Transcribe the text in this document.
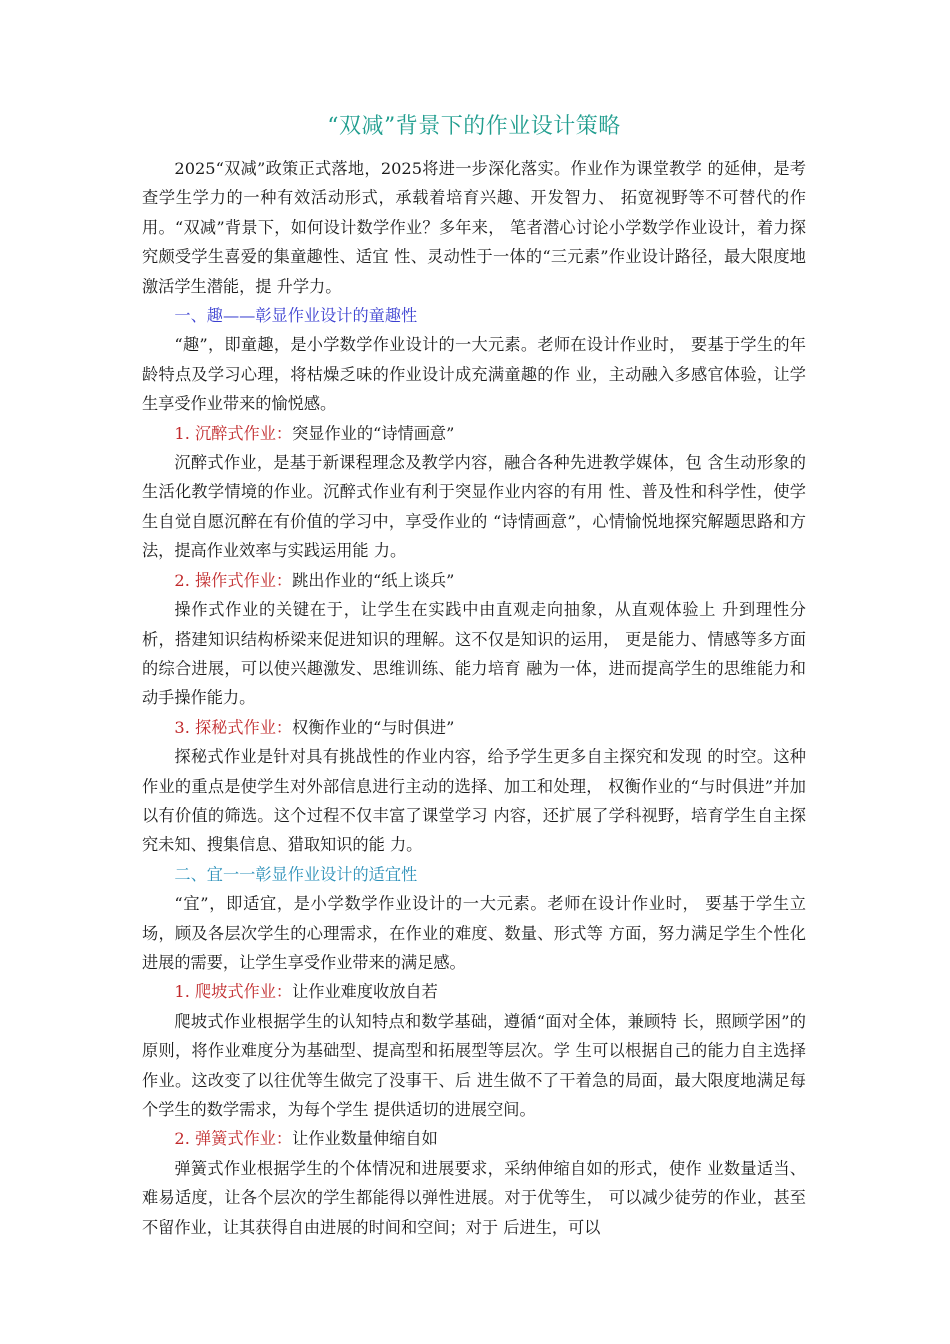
“双减”背景下的作业设计策略

2025“双减”政策正式落地，2025将进一步深化落实。作业作为课堂教学 的延伸，是考查学生学力的一种有效活动形式，承载着培育兴趣、开发智力、 拓宽视野等不可替代的作用。“双减”背景下，如何设计数学作业？多年来， 笔者潜心讨论小学数学作业设计，着力探究颇受学生喜爱的集童趣性、适宜 性、灵动性于一体的“三元素”作业设计路径，最大限度地激活学生潜能，提 升学力。

一、趣——彰显作业设计的童趣性

“趣”，即童趣，是小学数学作业设计的一大元素。老师在设计作业时， 要基于学生的年龄特点及学习心理，将枯燥乏味的作业设计成充满童趣的作 业，主动融入多感官体验，让学生享受作业带来的愉悦感。

1. 沉醉式作业：突显作业的“诗情画意”

沉醉式作业，是基于新课程理念及教学内容，融合各种先进教学媒体，包 含生动形象的生活化教学情境的作业。沉醉式作业有利于突显作业内容的有用 性、普及性和科学性，使学生自觉自愿沉醉在有价值的学习中，享受作业的 “诗情画意”，心情愉悦地探究解题思路和方法，提高作业效率与实践运用能 力。

2. 操作式作业：跳出作业的“纸上谈兵”

操作式作业的关键在于，让学生在实践中由直观走向抽象，从直观体验上 升到理性分析，搭建知识结构桥梁来促进知识的理解。这不仅是知识的运用， 更是能力、情感等多方面的综合进展，可以使兴趣激发、思维训练、能力培育 融为一体，进而提高学生的思维能力和动手操作能力。

3. 探秘式作业：权衡作业的“与时俱进”

探秘式作业是针对具有挑战性的作业内容，给予学生更多自主探究和发现 的时空。这种作业的重点是使学生对外部信息进行主动的选择、加工和处理， 权衡作业的“与时俱进”并加以有价值的筛选。这个过程不仅丰富了课堂学习 内容，还扩展了学科视野，培育学生自主探究未知、搜集信息、猎取知识的能 力。

二、宜一一彰显作业设计的适宜性

“宜”，即适宜，是小学数学作业设计的一大元素。老师在设计作业时， 要基于学生立场，顾及各层次学生的心理需求，在作业的难度、数量、形式等 方面，努力满足学生个性化进展的需要，让学生享受作业带来的满足感。

1. 爬坡式作业：让作业难度收放自若

爬坡式作业根据学生的认知特点和数学基础，遵循“面对全体，兼顾特 长，照顾学困”的原则，将作业难度分为基础型、提高型和拓展型等层次。学 生可以根据自己的能力自主选择作业。这改变了以往优等生做完了没事干、后 进生做不了干着急的局面，最大限度地满足每个学生的数学需求，为每个学生 提供适切的进展空间。

2. 弹簧式作业：让作业数量伸缩自如

弹簧式作业根据学生的个体情况和进展要求，采纳伸缩自如的形式，使作 业数量适当、难易适度，让各个层次的学生都能得以弹性进展。对于优等生， 可以减少徒劳的作业，甚至不留作业，让其获得自由进展的时间和空间；对于 后进生，可以
